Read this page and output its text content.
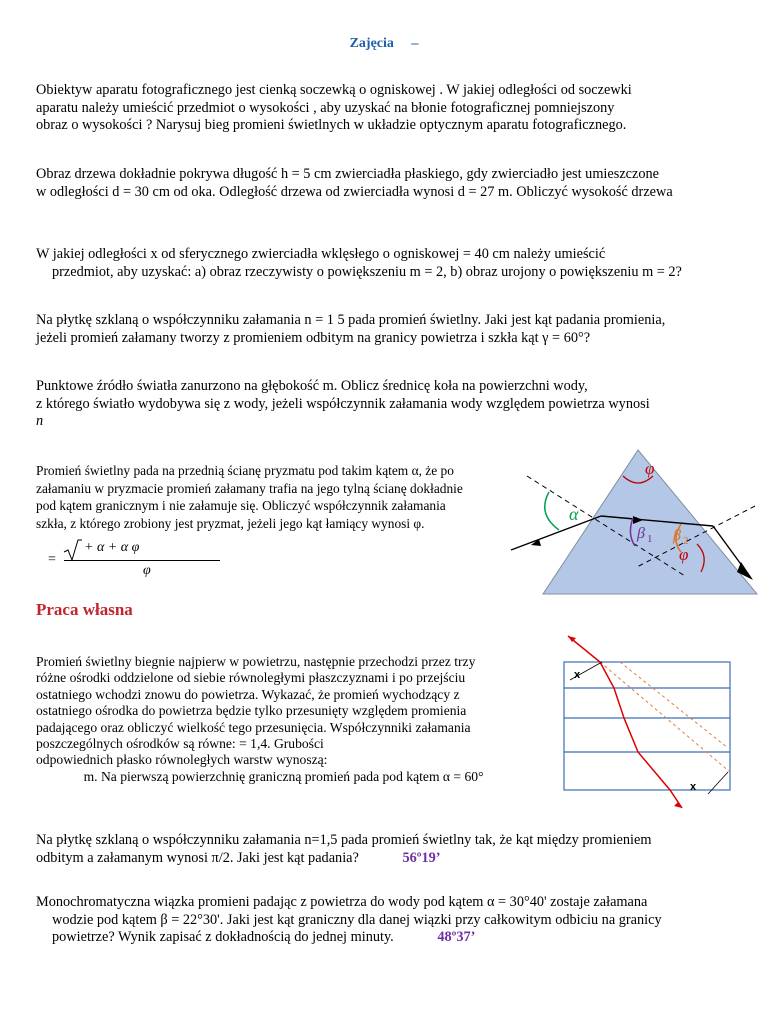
Zajęcia –
Obiektyw aparatu fotograficznego jest cienką soczewką o ogniskowej . W jakiej odległości od soczewki
aparatu należy umieścić przedmiot o wysokości , aby uzyskać na błonie fotograficznej pomniejszony
obraz o wysokości ? Narysuj bieg promieni świetlnych w układzie optycznym aparatu fotograficznego.
Obraz drzewa dokładnie pokrywa długość h = 5 cm zwierciadła płaskiego, gdy zwierciadło jest umieszczone
w odległości d = 30 cm od oka. Odległość drzewa od zwierciadła wynosi d = 27 m. Obliczyć wysokość drzewa
W jakiej odległości x od sferycznego zwierciadła wklęsłego o ogniskowej = 40 cm należy umieścić

przedmiot, aby uzyskać: a) obraz rzeczywisty o powiększeniu m = 2, b) obraz urojony o powiększeniu m = 2?
Na płytkę szklaną o współczynniku załamania n = 1 5 pada promień świetlny. Jaki jest kąt padania promienia,
jeżeli promień załamany tworzy z promieniem odbitym na granicy powietrza i szkła kąt γ = 60°?
Punktowe źródło światła zanurzono na głębokość m. Oblicz średnicę koła na powierzchni wody,
z którego światło wydobywa się z wody, jeżeli współczynnik załamania wody względem powietrza wynosi
n
Promień świetlny pada na przednią ścianę pryzmatu pod takim kątem α, że po
załamaniu w pryzmacie promień załamany trafia na jego tylną ścianę dokładnie
pod kątem granicznym i nie załamuje się. Obliczyć współczynnik załamania
szkła, z którego zrobiony jest pryzmat, jeżeli jego kąt łamiący wynosi φ.
=
+ α + α φ
φ
φ
α
β 1 β 2
φ
Praca własna
Promień świetlny biegnie najpierw w powietrzu, następnie przechodzi przez trzy
różne ośrodki oddzielone od siebie równoległymi płaszczyznami i po przejściu
ostatniego wchodzi znowu do powietrza. Wykazać, że promień wychodzący z
ostatniego ośrodka do powietrza będzie tylko przesunięty względem promienia
padającego oraz obliczyć wielkość tego przesunięcia. Współczynniki załamania
poszczególnych ośrodków są równe: = 1,4. Grubości
odpowiednich płasko równoległych warstw wynoszą:
m. Na pierwszą powierzchnię graniczną promień pada pod kątem α = 60°
x
x
Na płytkę szklaną o współczynniku załamania n=1,5 pada promień świetlny tak, że kąt między promieniem
odbitym a załamanym wynosi π/2. Jaki jest kąt padania?	56º19’
Monochromatyczna wiązka promieni padając z powietrza do wody pod kątem α = 30°40' zostaje załamana

wodzie pod kątem β = 22°30'. Jaki jest kąt graniczny dla danej wiązki przy całkowitym odbiciu na granicy
powietrze? Wynik zapisać z dokładnością do jednej minuty.	48º37’
